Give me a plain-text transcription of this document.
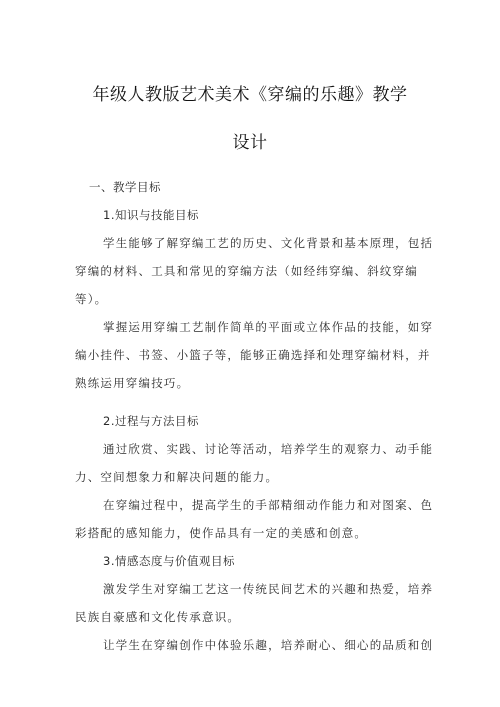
年级人教版艺术美术《穿编的乐趣》教学
设计
一、教学目标
1.知识与技能目标
学生能够了解穿编工艺的历史、文化背景和基本原理，包括
穿编的材料、工具和常见的穿编方法（如经纬穿编、斜纹穿编
等）。
掌握运用穿编工艺制作简单的平面或立体作品的技能，如穿
编小挂件、书签、小篮子等，能够正确选择和处理穿编材料，并
熟练运用穿编技巧。
2.过程与方法目标
通过欣赏、实践、讨论等活动，培养学生的观察力、动手能
力、空间想象力和解决问题的能力。
在穿编过程中，提高学生的手部精细动作能力和对图案、色
彩搭配的感知能力，使作品具有一定的美感和创意。
3.情感态度与价值观目标
激发学生对穿编工艺这一传统民间艺术的兴趣和热爱，培养
民族自豪感和文化传承意识。
让学生在穿编创作中体验乐趣，培养耐心、细心的品质和创
